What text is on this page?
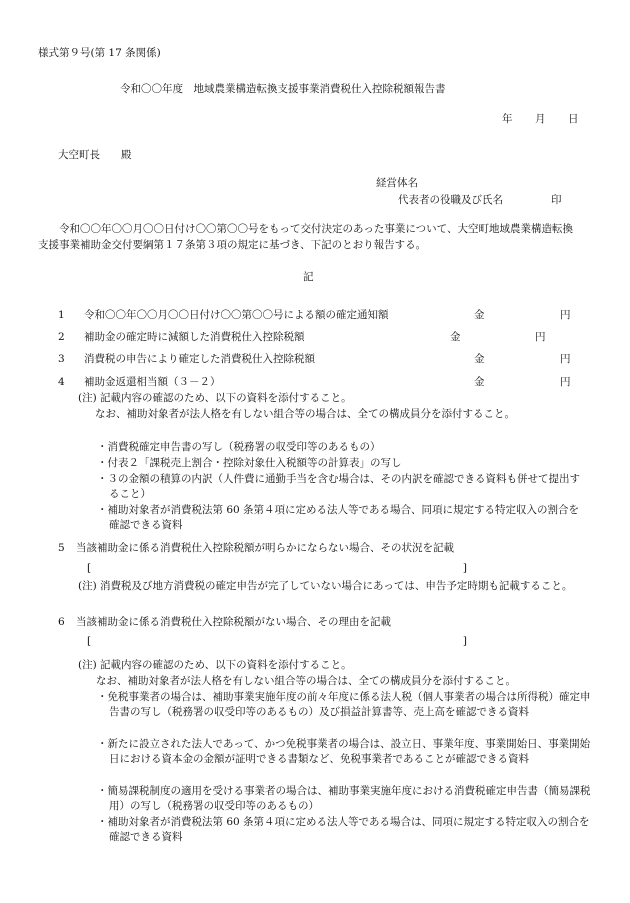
様式第９号(第 17 条関係)
令和〇〇年度　地域農業構造転換支援事業消費税仕入控除税額報告書
年　月　日
大空町長　　殿
経営体名
代表者の役職及び氏名	印
令和〇〇年〇〇月〇〇日付け〇〇第〇〇号をもって交付決定のあった事業について、大空町地域農業構造転換支援事業補助金交付要綱第１７条第３項の規定に基づき、下記のとおり報告する。
記
1 令和〇〇年〇〇月〇〇日付け〇〇第〇〇号による額の確定通知額	金	円
2 補助金の確定時に減額した消費税仕入控除税額	金	円
3 消費税の申告により確定した消費税仕入控除税額	金	円
4 補助金返還相当額（３－２）	金	円
(注) 記載内容の確認のため、以下の資料を添付すること。
なお、補助対象者が法人格を有しない組合等の場合は、全ての構成員分を添付すること。
・消費税確定申告書の写し（税務署の収受印等のあるもの）
・付表２「課税売上割合・控除対象仕入税額等の計算表」の写し
・３の金額の積算の内訳（人件費に通勤手当を含む場合は、その内訳を確認できる資料も併せて提出すること）
・補助対象者が消費税法第 60 条第４項に定める法人等である場合、同項に規定する特定収入の割合を確認できる資料
5 当該補助金に係る消費税仕入控除税額が明らかにならない場合、その状況を記載
[	]
(注) 消費税及び地方消費税の確定申告が完了していない場合にあっては、申告予定時期も記載すること。
6 当該補助金に係る消費税仕入控除税額がない場合、その理由を記載
[	]
(注) 記載内容の確認のため、以下の資料を添付すること。
なお、補助対象者が法人格を有しない組合等の場合は、全ての構成員分を添付すること。
・免税事業者の場合は、補助事業実施年度の前々年度に係る法人税（個人事業者の場合は所得税）確定申告書の写し（税務署の収受印等のあるもの）及び損益計算書等、売上高を確認できる資料
・新たに設立された法人であって、かつ免税事業者の場合は、設立日、事業年度、事業開始日、事業開始日における資本金の金額が証明できる書類など、免税事業者であることが確認できる資料
・簡易課税制度の適用を受ける事業者の場合は、補助事業実施年度における消費税確定申告書（簡易課税用）の写し（税務署の収受印等のあるもの）
・補助対象者が消費税法第 60 条第４項に定める法人等である場合は、同項に規定する特定収入の割合を確認できる資料
